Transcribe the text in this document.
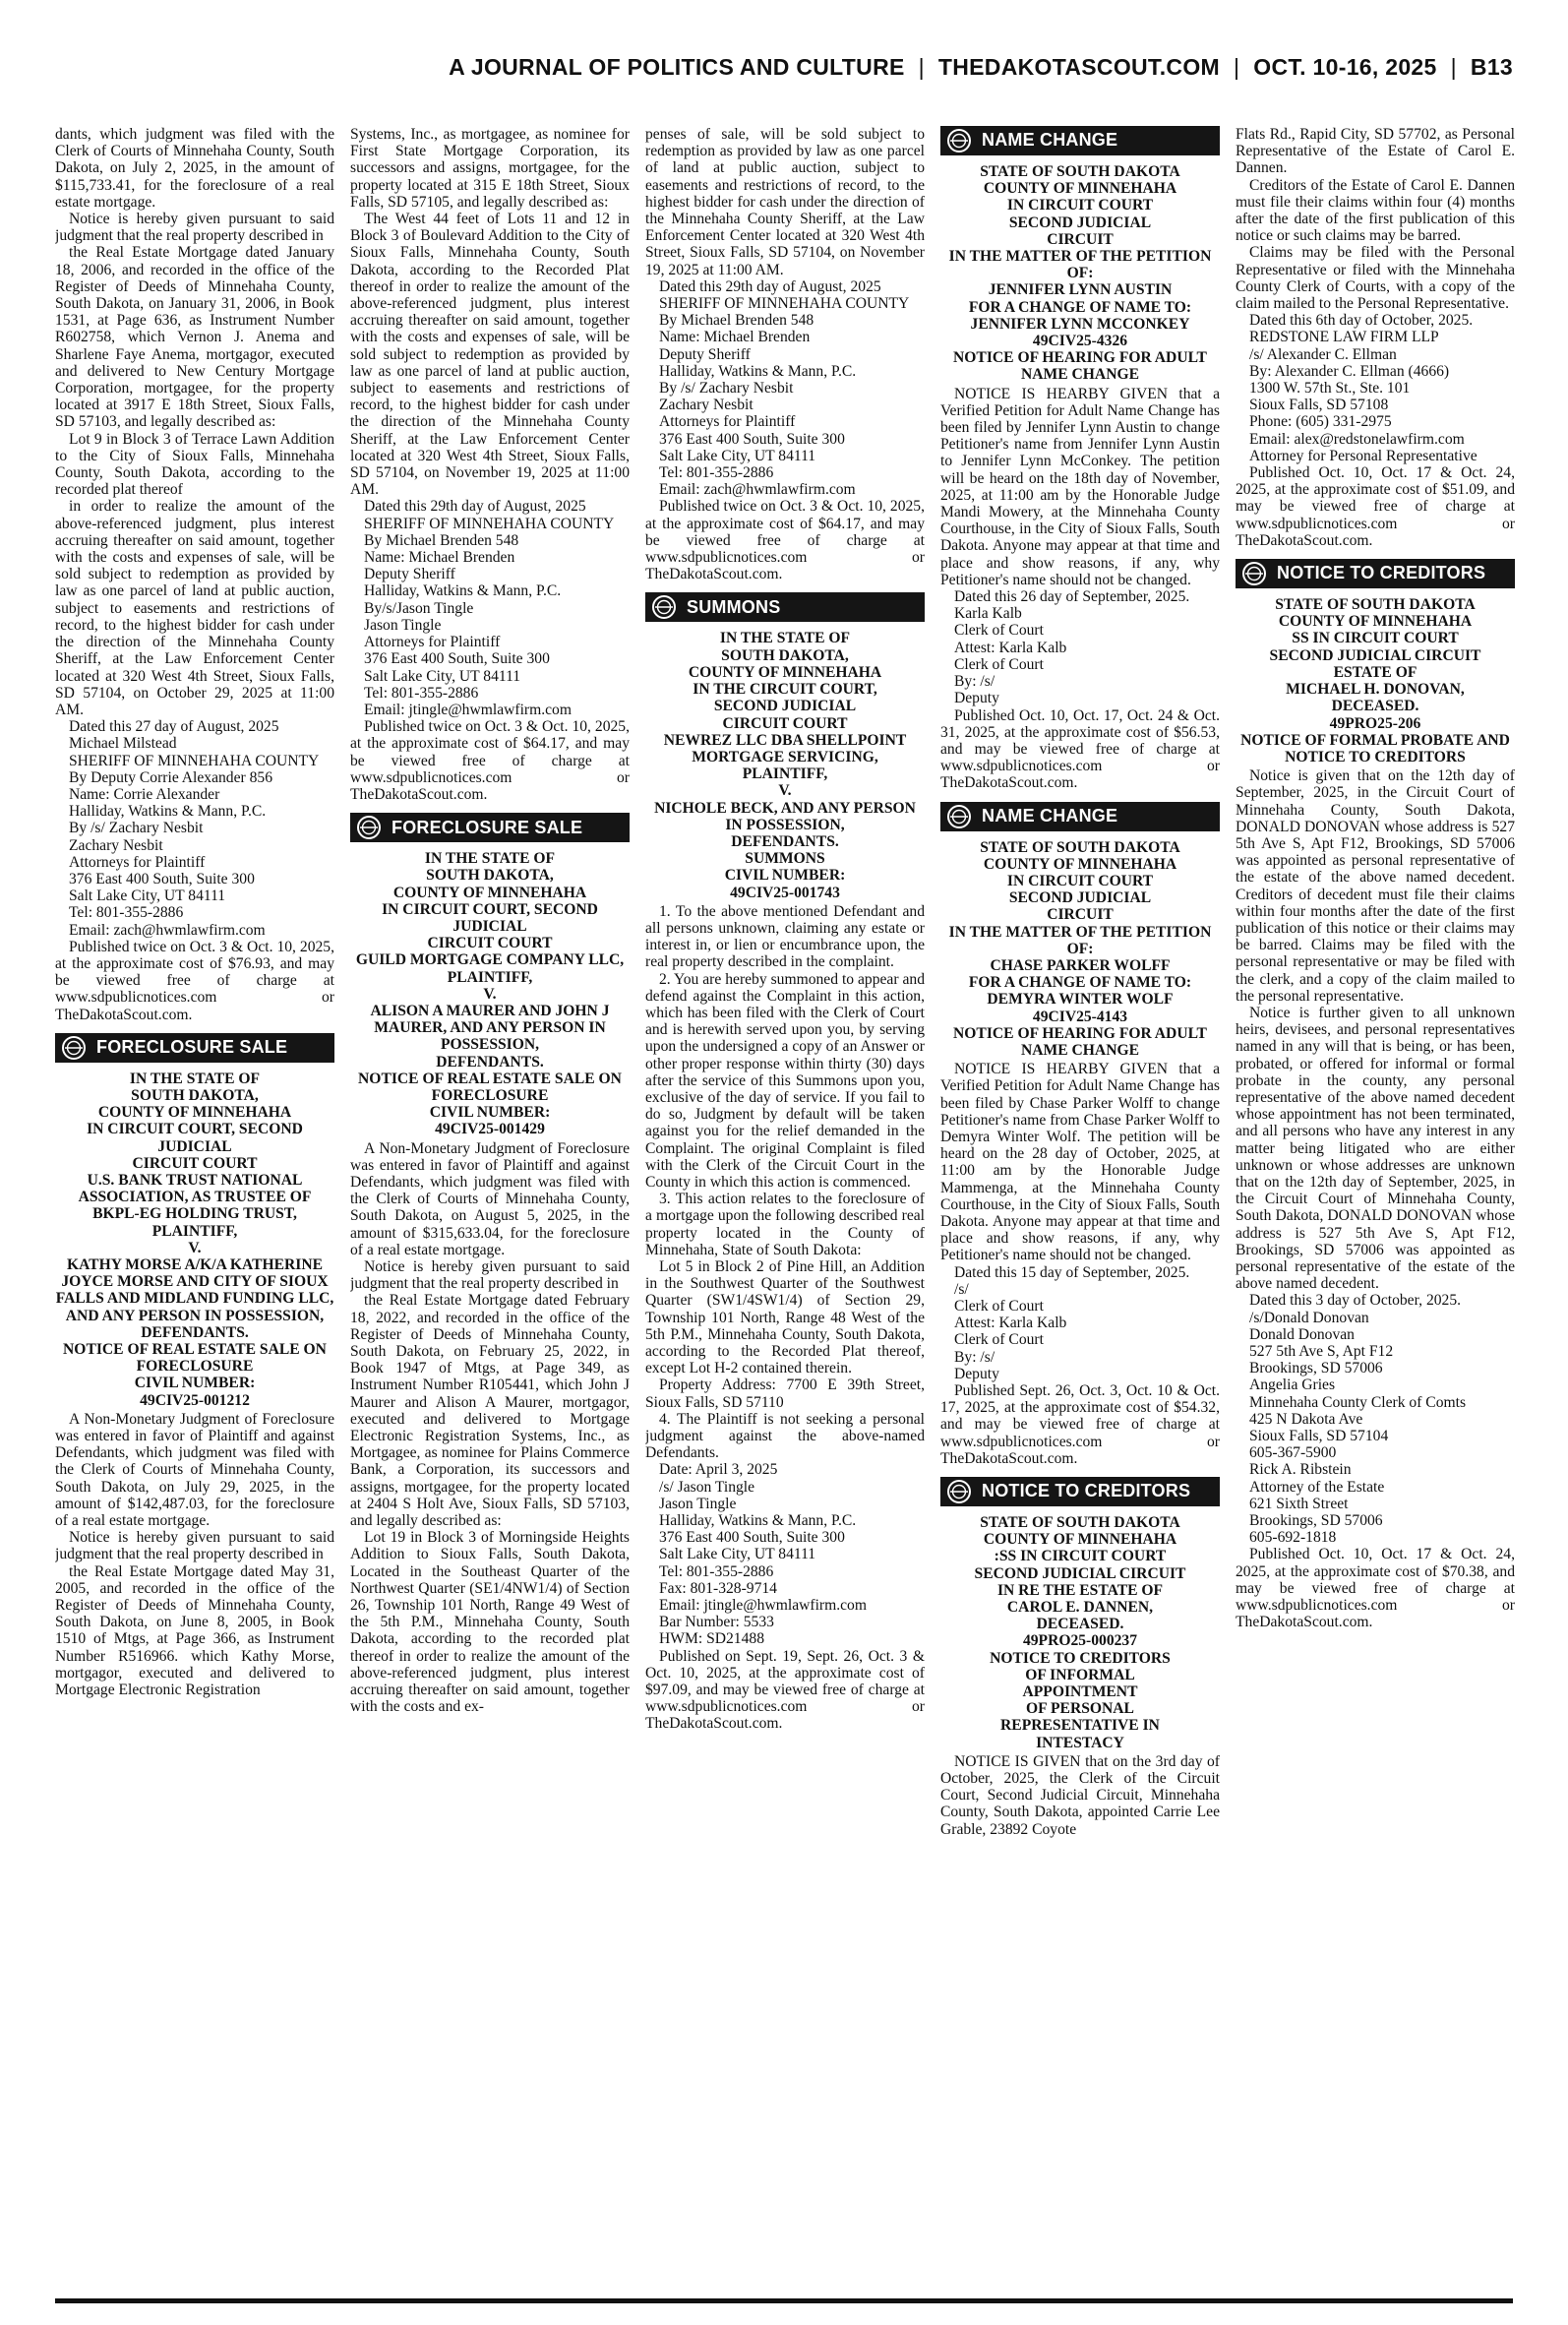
A JOURNAL OF POLITICS AND CULTURE | THEDAKOTASCOUT.COM | OCT. 10-16, 2025 | B13

dants, which judgment was filed with the Clerk of Courts of Minnehaha County, South Dakota, on July 2, 2025, in the amount of $115,733.41, for the foreclosure of a real estate mortgage.

Notice is hereby given pursuant to said judgment that the real property described in

the Real Estate Mortgage dated January 18, 2006, and recorded in the office of the Register of Deeds of Minnehaha County, South Dakota, on January 31, 2006, in Book 1531, at Page 636, as Instrument Number R602758, which Vernon J. Anema and Sharlene Faye Anema, mortgagor, executed and delivered to New Century Mortgage Corporation, mortgagee, for the property located at 3917 E 18th Street, Sioux Falls, SD 57103, and legally described as:

Lot 9 in Block 3 of Terrace Lawn Addition to the City of Sioux Falls, Minnehaha County, South Dakota, according to the recorded plat thereof

in order to realize the amount of the above-referenced judgment, plus interest accruing thereafter on said amount, together with the costs and expenses of sale, will be sold subject to redemption as provided by law as one parcel of land at public auction, subject to easements and restrictions of record, to the highest bidder for cash under the direction of the Minnehaha County Sheriff, at the Law Enforcement Center located at 320 West 4th Street, Sioux Falls, SD 57104, on October 29, 2025 at 11:00 AM.

Dated this 27 day of August, 2025

Michael Milstead

SHERIFF OF MINNEHAHA COUNTY

By Deputy Corrie Alexander 856

Name: Corrie Alexander

Halliday, Watkins & Mann, P.C.

By /s/ Zachary Nesbit

Zachary Nesbit

Attorneys for Plaintiff

376 East 400 South, Suite 300

Salt Lake City, UT 84111

Tel: 801-355-2886

Email: zach@hwmlawfirm.com

Published twice on Oct. 3 & Oct. 10, 2025, at the approximate cost of $76.93, and may be viewed free of charge at www.sdpublicnotices.com or TheDakotaScout.com.

FORECLOSURE SALE
IN THE STATE OF
SOUTH DAKOTA,
COUNTY OF MINNEHAHA
IN CIRCUIT COURT, SECOND JUDICIAL
CIRCUIT COURT
U.S. BANK TRUST NATIONAL ASSOCIATION, AS TRUSTEE OF BKPL-EG HOLDING TRUST,
PLAINTIFF,
V.
KATHY MORSE A/K/A KATHERINE JOYCE MORSE AND CITY OF SIOUX FALLS AND MIDLAND FUNDING LLC, AND ANY PERSON IN POSSESSION,
DEFENDANTS.
NOTICE OF REAL ESTATE SALE ON FORECLOSURE
CIVIL NUMBER:
49CIV25-001212

A Non-Monetary Judgment of Foreclosure was entered in favor of Plaintiff and against Defendants, which judgment was filed with the Clerk of Courts of Minnehaha County, South Dakota, on July 29, 2025, in the amount of $142,487.03, for the foreclosure of a real estate mortgage.

Notice is hereby given pursuant to said judgment that the real property described in

the Real Estate Mortgage dated May 31, 2005, and recorded in the office of the Register of Deeds of Minnehaha County, South Dakota, on June 8, 2005, in Book 1510 of Mtgs, at Page 366, as Instrument Number R516966. which Kathy Morse, mortgagor, executed and delivered to Mortgage Electronic Registration

Systems, Inc., as mortgagee, as nominee for First State Mortgage Corporation, its successors and assigns, mortgagee, for the property located at 315 E 18th Street, Sioux Falls, SD 57105, and legally described as:

The West 44 feet of Lots 11 and 12 in Block 3 of Boulevard Addition to the City of Sioux Falls, Minnehaha County, South Dakota, according to the Recorded Plat thereof in order to realize the amount of the above-referenced judgment, plus interest accruing thereafter on said amount, together with the costs and expenses of sale, will be sold subject to redemption as provided by law as one parcel of land at public auction, subject to easements and restrictions of record, to the highest bidder for cash under the direction of the Minnehaha County Sheriff, at the Law Enforcement Center located at 320 West 4th Street, Sioux Falls, SD 57104, on November 19, 2025 at 11:00 AM.

Dated this 29th day of August, 2025

SHERIFF OF MINNEHAHA COUNTY

By Michael Brenden 548

Name: Michael Brenden

Deputy Sheriff

Halliday, Watkins & Mann, P.C.

By/s/Jason Tingle

Jason Tingle

Attorneys for Plaintiff

376 East 400 South, Suite 300

Salt Lake City, UT 84111

Tel: 801-355-2886

Email: jtingle@hwmlawfirm.com

Published twice on Oct. 3 & Oct. 10, 2025, at the approximate cost of $64.17, and may be viewed free of charge at www.sdpublicnotices.com or TheDakotaScout.com.

FORECLOSURE SALE
IN THE STATE OF
SOUTH DAKOTA,
COUNTY OF MINNEHAHA
IN CIRCUIT COURT, SECOND JUDICIAL
CIRCUIT COURT
GUILD MORTGAGE COMPANY LLC,
PLAINTIFF,
V.
ALISON A MAURER AND JOHN J MAURER, AND ANY PERSON IN POSSESSION,
DEFENDANTS.
NOTICE OF REAL ESTATE SALE ON FORECLOSURE
CIVIL NUMBER:
49CIV25-001429

A Non-Monetary Judgment of Foreclosure was entered in favor of Plaintiff and against Defendants, which judgment was filed with the Clerk of Courts of Minnehaha County, South Dakota, on August 5, 2025, in the amount of $315,633.04, for the foreclosure of a real estate mortgage.

Notice is hereby given pursuant to said judgment that the real property described in

the Real Estate Mortgage dated February 18, 2022, and recorded in the office of the Register of Deeds of Minnehaha County, South Dakota, on February 25, 2022, in Book 1947 of Mtgs, at Page 349, as Instrument Number R105441, which John J Maurer and Alison A Maurer, mortgagor, executed and delivered to Mortgage Electronic Registration Systems, Inc., as Mortgagee, as nominee for Plains Commerce Bank, a Corporation, its successors and assigns, mortgagee, for the property located at 2404 S Holt Ave, Sioux Falls, SD 57103, and legally described as:

Lot 19 in Block 3 of Morningside Heights Addition to Sioux Falls, South Dakota, Located in the Southeast Quarter of the Northwest Quarter (SE1/4NW1/4) of Section 26, Township 101 North, Range 49 West of the 5th P.M., Minnehaha County, South Dakota, according to the recorded plat thereof in order to realize the amount of the above-referenced judgment, plus interest accruing thereafter on said amount, together with the costs and ex-

penses of sale, will be sold subject to redemption as provided by law as one parcel of land at public auction, subject to easements and restrictions of record, to the highest bidder for cash under the direction of the Minnehaha County Sheriff, at the Law Enforcement Center located at 320 West 4th Street, Sioux Falls, SD 57104, on November 19, 2025 at 11:00 AM.

Dated this 29th day of August, 2025

SHERIFF OF MINNEHAHA COUNTY

By Michael Brenden 548

Name: Michael Brenden

Deputy Sheriff

Halliday, Watkins & Mann, P.C.

By /s/ Zachary Nesbit

Zachary Nesbit

Attorneys for Plaintiff

376 East 400 South, Suite 300

Salt Lake City, UT 84111

Tel: 801-355-2886

Email: zach@hwmlawfirm.com

Published twice on Oct. 3 & Oct. 10, 2025, at the approximate cost of $64.17, and may be viewed free of charge at www.sdpublicnotices.com or TheDakotaScout.com.

SUMMONS
IN THE STATE OF
SOUTH DAKOTA,
COUNTY OF MINNEHAHA
IN THE CIRCUIT COURT,
SECOND JUDICIAL
CIRCUIT COURT
NEWREZ LLC DBA SHELLPOINT MORTGAGE SERVICING,
PLAINTIFF,
V.
NICHOLE BECK, AND ANY PERSON IN POSSESSION,
DEFENDANTS.
SUMMONS
CIVIL NUMBER:
49CIV25-001743

1. To the above mentioned Defendant and all persons unknown, claiming any estate or interest in, or lien or encumbrance upon, the real property described in the complaint.

2. You are hereby summoned to appear and defend against the Complaint in this action, which has been filed with the Clerk of Court and is herewith served upon you, by serving upon the undersigned a copy of an Answer or other proper response within thirty (30) days after the service of this Summons upon you, exclusive of the day of service. If you fail to do so, Judgment by default will be taken against you for the relief demanded in the Complaint. The original Complaint is filed with the Clerk of the Circuit Court in the County in which this action is commenced.

3. This action relates to the foreclosure of a mortgage upon the following described real property located in the County of Minnehaha, State of South Dakota:

Lot 5 in Block 2 of Pine Hill, an Addition in the Southwest Quarter of the Southwest Quarter (SW1/4SW1/4) of Section 29, Township 101 North, Range 48 West of the 5th P.M., Minnehaha County, South Dakota, according to the Recorded Plat thereof, except Lot H-2 contained therein.

Property Address: 7700 E 39th Street, Sioux Falls, SD 57110

4. The Plaintiff is not seeking a personal judgment against the above-named Defendants.

Date: April 3, 2025

/s/ Jason Tingle

Jason Tingle

Halliday, Watkins & Mann, P.C.

376 East 400 South, Suite 300

Salt Lake City, UT 84111

Tel: 801-355-2886

Fax: 801-328-9714

Email: jtingle@hwmlawfirm.com

Bar Number: 5533

HWM: SD21488

Published on Sept. 19, Sept. 26, Oct. 3 & Oct. 10, 2025, at the approximate cost of $97.09, and may be viewed free of charge at www.sdpublicnotices.com or TheDakotaScout.com.

NAME CHANGE
STATE OF SOUTH DAKOTA
COUNTY OF MINNEHAHA
IN CIRCUIT COURT
SECOND JUDICIAL
CIRCUIT
IN THE MATTER OF THE PETITION OF:
JENNIFER LYNN AUSTIN
FOR A CHANGE OF NAME TO:
JENNIFER LYNN MCCONKEY
49CIV25-4326
NOTICE OF HEARING FOR ADULT NAME CHANGE

NOTICE IS HEARBY GIVEN that a Verified Petition for Adult Name Change has been filed by Jennifer Lynn Austin to change Petitioner's name from Jennifer Lynn Austin to Jennifer Lynn McConkey. The petition will be heard on the 18th day of November, 2025, at 11:00 am by the Honorable Judge Mandi Mowery, at the Minnehaha County Courthouse, in the City of Sioux Falls, South Dakota. Anyone may appear at that time and place and show reasons, if any, why Petitioner's name should not be changed.

Dated this 26 day of September, 2025.

Karla Kalb

Clerk of Court

Attest: Karla Kalb

Clerk of Court

By: /s/

Deputy

Published Oct. 10, Oct. 17, Oct. 24 & Oct. 31, 2025, at the approximate cost of $56.53, and may be viewed free of charge at www.sdpublicnotices.com or TheDakotaScout.com.

NAME CHANGE
STATE OF SOUTH DAKOTA
COUNTY OF MINNEHAHA
IN CIRCUIT COURT
SECOND JUDICIAL
CIRCUIT
IN THE MATTER OF THE PETITION OF:
CHASE PARKER WOLFF
FOR A CHANGE OF NAME TO:
DEMYRA WINTER WOLF
49CIV25-4143
NOTICE OF HEARING FOR ADULT NAME CHANGE

NOTICE IS HEARBY GIVEN that a Verified Petition for Adult Name Change has been filed by Chase Parker Wolff to change Petitioner's name from Chase Parker Wolff to Demyra Winter Wolf. The petition will be heard on the 28 day of October, 2025, at 11:00 am by the Honorable Judge Mammenga, at the Minnehaha County Courthouse, in the City of Sioux Falls, South Dakota. Anyone may appear at that time and place and show reasons, if any, why Petitioner's name should not be changed.

Dated this 15 day of September, 2025.

/s/

Clerk of Court

Attest: Karla Kalb

Clerk of Court

By: /s/

Deputy

Published Sept. 26, Oct. 3, Oct. 10 & Oct. 17, 2025, at the approximate cost of $54.32, and may be viewed free of charge at www.sdpublicnotices.com or TheDakotaScout.com.

NOTICE TO CREDITORS
STATE OF SOUTH DAKOTA
COUNTY OF MINNEHAHA
:SS IN CIRCUIT COURT
SECOND JUDICIAL CIRCUIT
IN RE THE ESTATE OF
CAROL E. DANNEN,
DECEASED.
49PRO25-000237
NOTICE TO CREDITORS
OF INFORMAL
APPOINTMENT
OF PERSONAL
REPRESENTATIVE IN
INTESTACY

NOTICE IS GIVEN that on the 3rd day of October, 2025, the Clerk of the Circuit Court, Second Judicial Circuit, Minnehaha County, South Dakota, appointed Carrie Lee Grable, 23892 Coyote

Flats Rd., Rapid City, SD 57702, as Personal Representative of the Estate of Carol E. Dannen.

Creditors of the Estate of Carol E. Dannen must file their claims within four (4) months after the date of the first publication of this notice or such claims may be barred.

Claims may be filed with the Personal Representative or filed with the Minnehaha County Clerk of Courts, with a copy of the claim mailed to the Personal Representative.

Dated this 6th day of October, 2025.

REDSTONE LAW FIRM LLP

/s/ Alexander C. Ellman

By: Alexander C. Ellman (4666)

1300 W. 57th St., Ste. 101

Sioux Falls, SD 57108

Phone: (605) 331-2975

Email: alex@redstonelawfirm.com

Attorney for Personal Representative

Published Oct. 10, Oct. 17 & Oct. 24, 2025, at the approximate cost of $51.09, and may be viewed free of charge at www.sdpublicnotices.com or TheDakotaScout.com.

NOTICE TO CREDITORS
STATE OF SOUTH DAKOTA
COUNTY OF MINNEHAHA
SS IN CIRCUIT COURT
SECOND JUDICIAL CIRCUIT
ESTATE OF
MICHAEL H. DONOVAN,
DECEASED.
49PRO25-206
NOTICE OF FORMAL PROBATE AND NOTICE TO CREDITORS

Notice is given that on the 12th day of September, 2025, in the Circuit Court of Minnehaha County, South Dakota, DONALD DONOVAN whose address is 527 5th Ave S, Apt F12, Brookings, SD 57006 was appointed as personal representative of the estate of the above named decedent. Creditors of decedent must file their claims within four months after the date of the first publication of this notice or their claims may be barred. Claims may be filed with the personal representative or may be filed with the clerk, and a copy of the claim mailed to the personal representative.

Notice is further given to all unknown heirs, devisees, and personal representatives named in any will that is being, or has been, probated, or offered for informal or formal probate in the county, any personal representative of the above named decedent whose appointment has not been terminated, and all persons who have any interest in any matter being litigated who are either unknown or whose addresses are unknown that on the 12th day of September, 2025, in the Circuit Court of Minnehaha County, South Dakota, DONALD DONOVAN whose address is 527 5th Ave S, Apt F12, Brookings, SD 57006 was appointed as personal representative of the estate of the above named decedent.

Dated this 3 day of October, 2025.

/s/Donald Donovan

Donald Donovan

527 5th Ave S, Apt F12

Brookings, SD 57006

Angelia Gries

Minnehaha County Clerk of Comts

425 N Dakota Ave

Sioux Falls, SD 57104

605-367-5900

Rick A. Ribstein

Attorney of the Estate

621 Sixth Street

Brookings, SD 57006

605-692-1818

Published Oct. 10, Oct. 17 & Oct. 24, 2025, at the approximate cost of $70.38, and may be viewed free of charge at www.sdpublicnotices.com or TheDakotaScout.com.
